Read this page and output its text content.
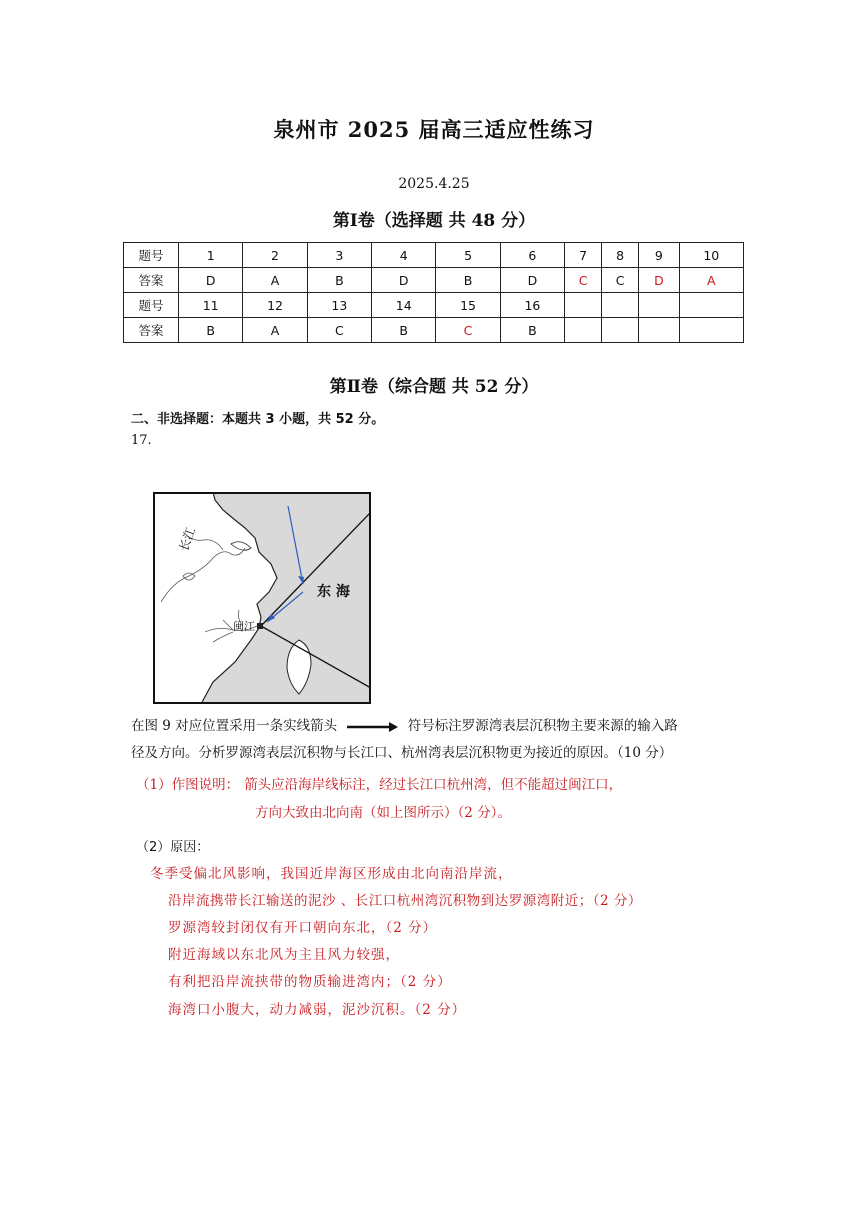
泉州市 2025 届高三适应性练习
2025.4.25
第Ⅰ卷（选择题 共 48 分）
题号	1	2	3	4	5	6	7	8	9	10
答案	D	A	B	D	B	D	C	C	D	A
题号	11	12	13	14	15	16				
答案	B	A	C	B	C	B				
第Ⅱ卷（综合题 共 52 分）
二、非选择题：本题共 3 小题，共 52 分。
17.
长江
东 海
闽江
在图 9 对应位置采用一条实线箭头	符号标注罗源湾表层沉积物主要来源的输入路
径及方向。分析罗源湾表层沉积物与长江口、杭州湾表层沉积物更为接近的原因。（10 分）
（1）作图说明： 箭头应沿海岸线标注，经过长江口杭州湾，但不能超过闽江口，
方向大致由北向南（如上图所示）（2 分）。
（2）原因：
冬季受偏北风影响，我国近岸海区形成由北向南沿岸流，
沿岸流携带长江输送的泥沙 、长江口杭州湾沉积物到达罗源湾附近；（2 分）
罗源湾较封闭仅有开口朝向东北，（2 分）
附近海域以东北风为主且风力较强，
有利把沿岸流挟带的物质输进湾内；（2 分）
海湾口小腹大，动力减弱，泥沙沉积。（2 分）
